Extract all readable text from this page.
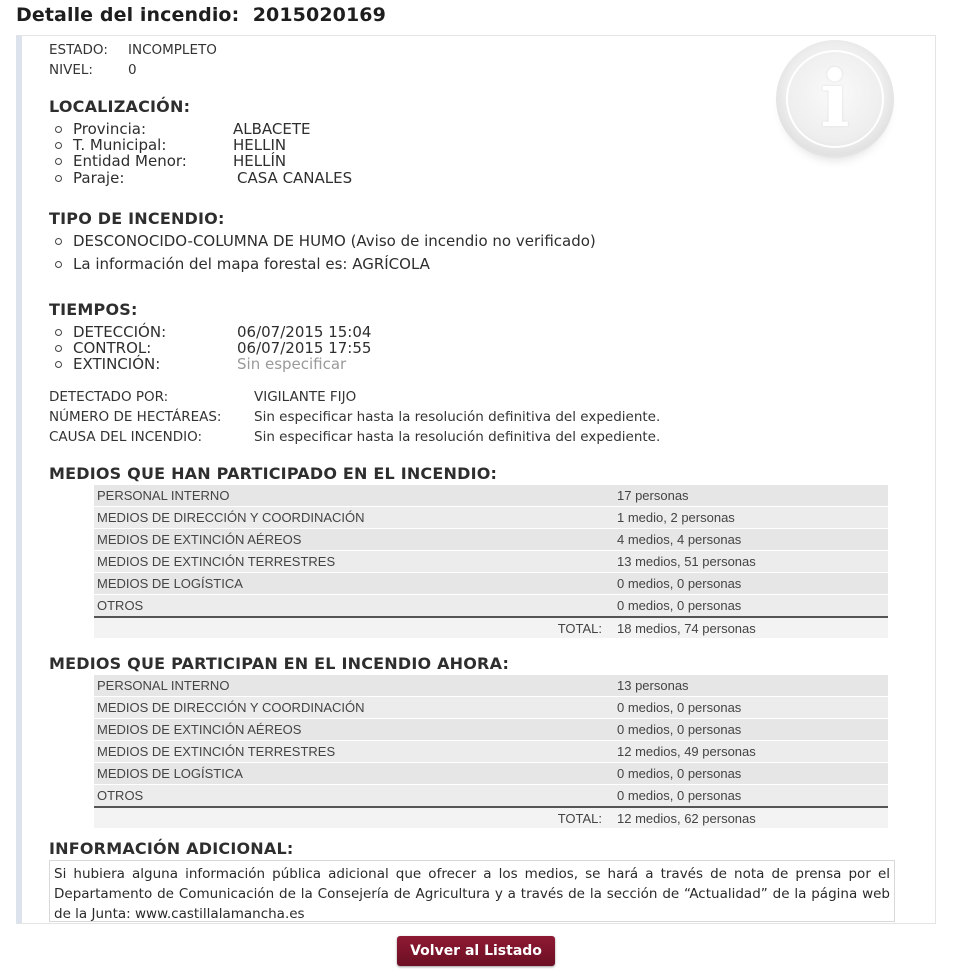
Detalle del incendio: 2015020169
i
ESTADO: INCOMPLETO
NIVEL:	0
LOCALIZACIÓN:
Provincia:	ALBACETE
T. Municipal:	HELLIN
Entidad Menor:	HELLÍN
Paraje:	CASA CANALES
TIPO DE INCENDIO:
DESCONOCIDO-COLUMNA DE HUMO (Aviso de incendio no verificado)
La información del mapa forestal es: AGRÍCOLA
TIEMPOS:
DETECCIÓN:	06/07/2015 15:04
CONTROL:	06/07/2015 17:55
EXTINCIÓN:	Sin especificar
DETECTADO POR:	VIGILANTE FIJO
NÚMERO DE HECTÁREAS: Sin especificar hasta la resolución definitiva del expediente.
CAUSA DEL INCENDIO:	Sin especificar hasta la resolución definitiva del expediente.
MEDIOS QUE HAN PARTICIPADO EN EL INCENDIO:
PERSONAL INTERNO	17 personas
MEDIOS DE DIRECCIÓN Y COORDINACIÓN	1 medio, 2 personas
MEDIOS DE EXTINCIÓN AÉREOS	4 medios, 4 personas
MEDIOS DE EXTINCIÓN TERRESTRES	13 medios, 51 personas
MEDIOS DE LOGÍSTICA	0 medios, 0 personas
OTROS	0 medios, 0 personas
TOTAL:	18 medios, 74 personas
MEDIOS QUE PARTICIPAN EN EL INCENDIO AHORA:
PERSONAL INTERNO	13 personas
MEDIOS DE DIRECCIÓN Y COORDINACIÓN	0 medios, 0 personas
MEDIOS DE EXTINCIÓN AÉREOS	0 medios, 0 personas
MEDIOS DE EXTINCIÓN TERRESTRES	12 medios, 49 personas
MEDIOS DE LOGÍSTICA	0 medios, 0 personas
OTROS	0 medios, 0 personas
TOTAL:	12 medios, 62 personas
INFORMACIÓN ADICIONAL:
Si hubiera alguna información pública adicional que ofrecer a los medios, se hará a través de nota de prensa por el Departamento de Comunicación de la Consejería de Agricultura y a través de la sección de “Actualidad” de la página web de la Junta: www.castillalamancha.es
Volver al Listado
